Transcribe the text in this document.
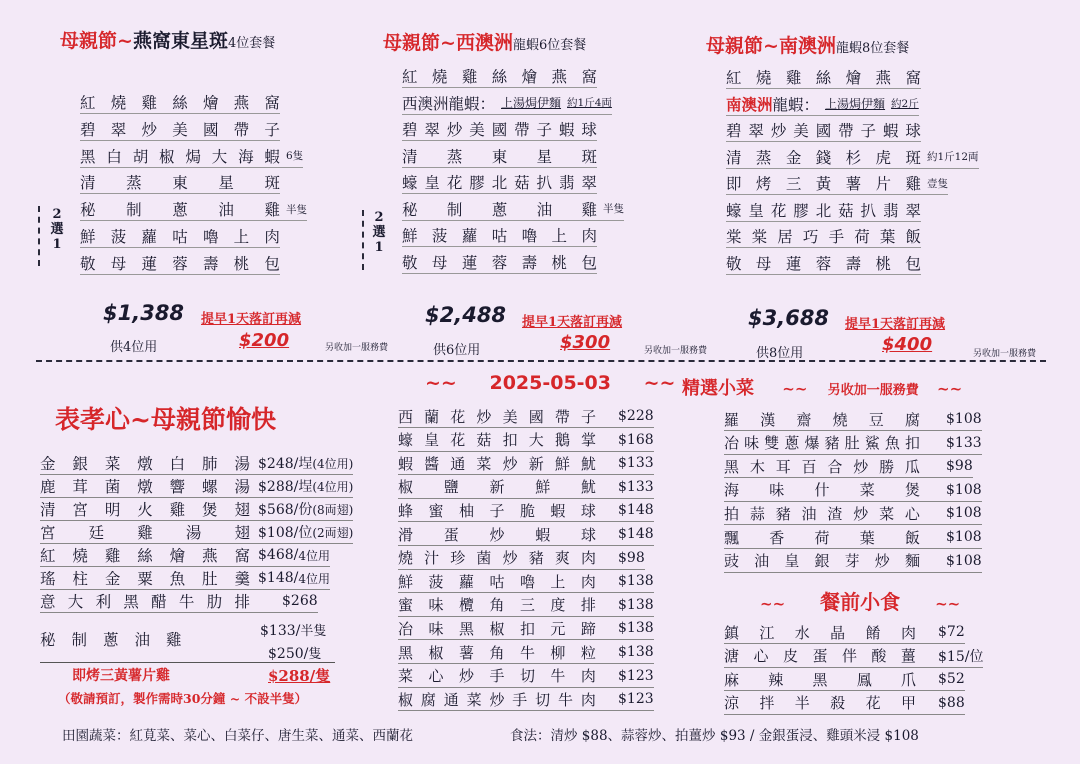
母親節~燕窩東星斑4位套餐
紅 燒 雞 絲 燴 燕 窩
碧 翠 炒 美 國 帶 子
黑 白 胡 椒 焗 大 海 蝦 6隻
清 蒸 東 星 斑
秘 制 蔥 油 雞 半隻
鮮 菠 蘿 咕 嚕 上 肉
敬 母 蓮 蓉 壽 桃 包
2
選
1
$1,388 提早1天落訂再減
供4位用	$200	另收加一服務費
母親節~西澳洲龍蝦6位套餐
紅 燒 雞 絲 燴 燕 窩
西澳洲龍蝦： 上湯焗伊麵 約1斤4両
碧 翠 炒 美 國 帶 子 蝦 球
清 蒸 東 星 斑
蠔 皇 花 膠 北 菇 扒 翡 翠
秘 制 蔥 油 雞 半隻
鮮 菠 蘿 咕 嚕 上 肉
敬 母 蓮 蓉 壽 桃 包
2
選
1
$2,488 提早1天落訂再減
供6位用	$300	另收加一服務費
母親節~南澳洲龍蝦8位套餐
紅 燒 雞 絲 燴 燕 窩
南澳洲 龍蝦： 上湯焗伊麵 約2斤
碧 翠 炒 美 國 帶 子 蝦 球
清 蒸 金 錢 杉 虎 斑 約1斤12両
即 烤 三 黃 薯 片 雞 壹隻
蠔 皇 花 膠 北 菇 扒 翡 翠
棠 棠 居 巧 手 荷 葉 飯
敬 母 蓮 蓉 壽 桃 包
$3,688 提早1天落訂再減
供8位用	$400	另收加一服務費
表孝心~母親節愉快
金 銀 菜 燉 白 肺 湯 $248/埕 (4位用)
鹿 茸 菌 燉 響 螺 湯 $288/埕 (4位用)
清 宮 明 火 雞 煲 翅 $568/份 (8両翅)
宮 廷 雞 湯 翅 $108/位 (2両翅)
紅 燒 雞 絲 燴 燕 窩 $468/ 4位用
瑤 柱 金 粟 魚 肚 羹 $148/ 4位用
意 大 利 黑 醋 牛 肋 排 $268
秘制蔥油雞	$133/半隻
$250/隻
即烤三黃薯片雞	$288/隻
（敬請預訂，製作需時30分鐘 ~ 不設半隻）
~~ 2025-05-03 ~~
西 蘭 花 炒 美 國 帶 子 $228
蠔 皇 花 菇 扣 大 鵝 掌 $168
蝦 醬 通 菜 炒 新 鮮 魷 $133
椒 鹽 新 鮮 魷 $133
蜂 蜜 柚 子 脆 蝦 球 $148
滑 蛋 炒 蝦 球 $148
燒 汁 珍 菌 炒 豬 爽 肉 $98
鮮 菠 蘿 咕 嚕 上 肉 $138
蜜 味 欖 角 三 度 排 $138
冶 味 黑 椒 扣 元 蹄 $138
黑 椒 薯 角 牛 柳 粒 $138
菜 心 炒 手 切 牛 肉 $123
椒 腐 通 菜 炒 手 切 牛 肉 $123
精選小菜 ~~ 另收加一服務費 ~~
羅 漢 齋 燒 豆 腐 $108
冶 味 雙 蔥 爆 豬 肚 鯊 魚 扣 $133
黑 木 耳 百 合 炒 勝 瓜 $98
海 味 什 菜 煲 $108
拍 蒜 豬 油 渣 炒 菜 心 $108
飄 香 荷 葉 飯 $108
豉 油 皇 銀 芽 炒 麵 $108
~~ 餐前小食 ~~
鎮 江 水 晶 餚 肉 $72
溏 心 皮 蛋 伴 酸 薑 $15/位
麻 辣 黑 鳳 爪 $52
涼 拌 半 殺 花 甲 $88
田園蔬菜：紅莧菜、菜心、白菜仔、唐生菜、通菜、西蘭花	食法：清炒 $88、蒜蓉炒、拍薑炒 $93 / 金銀蛋浸、雞頭米浸 $108
